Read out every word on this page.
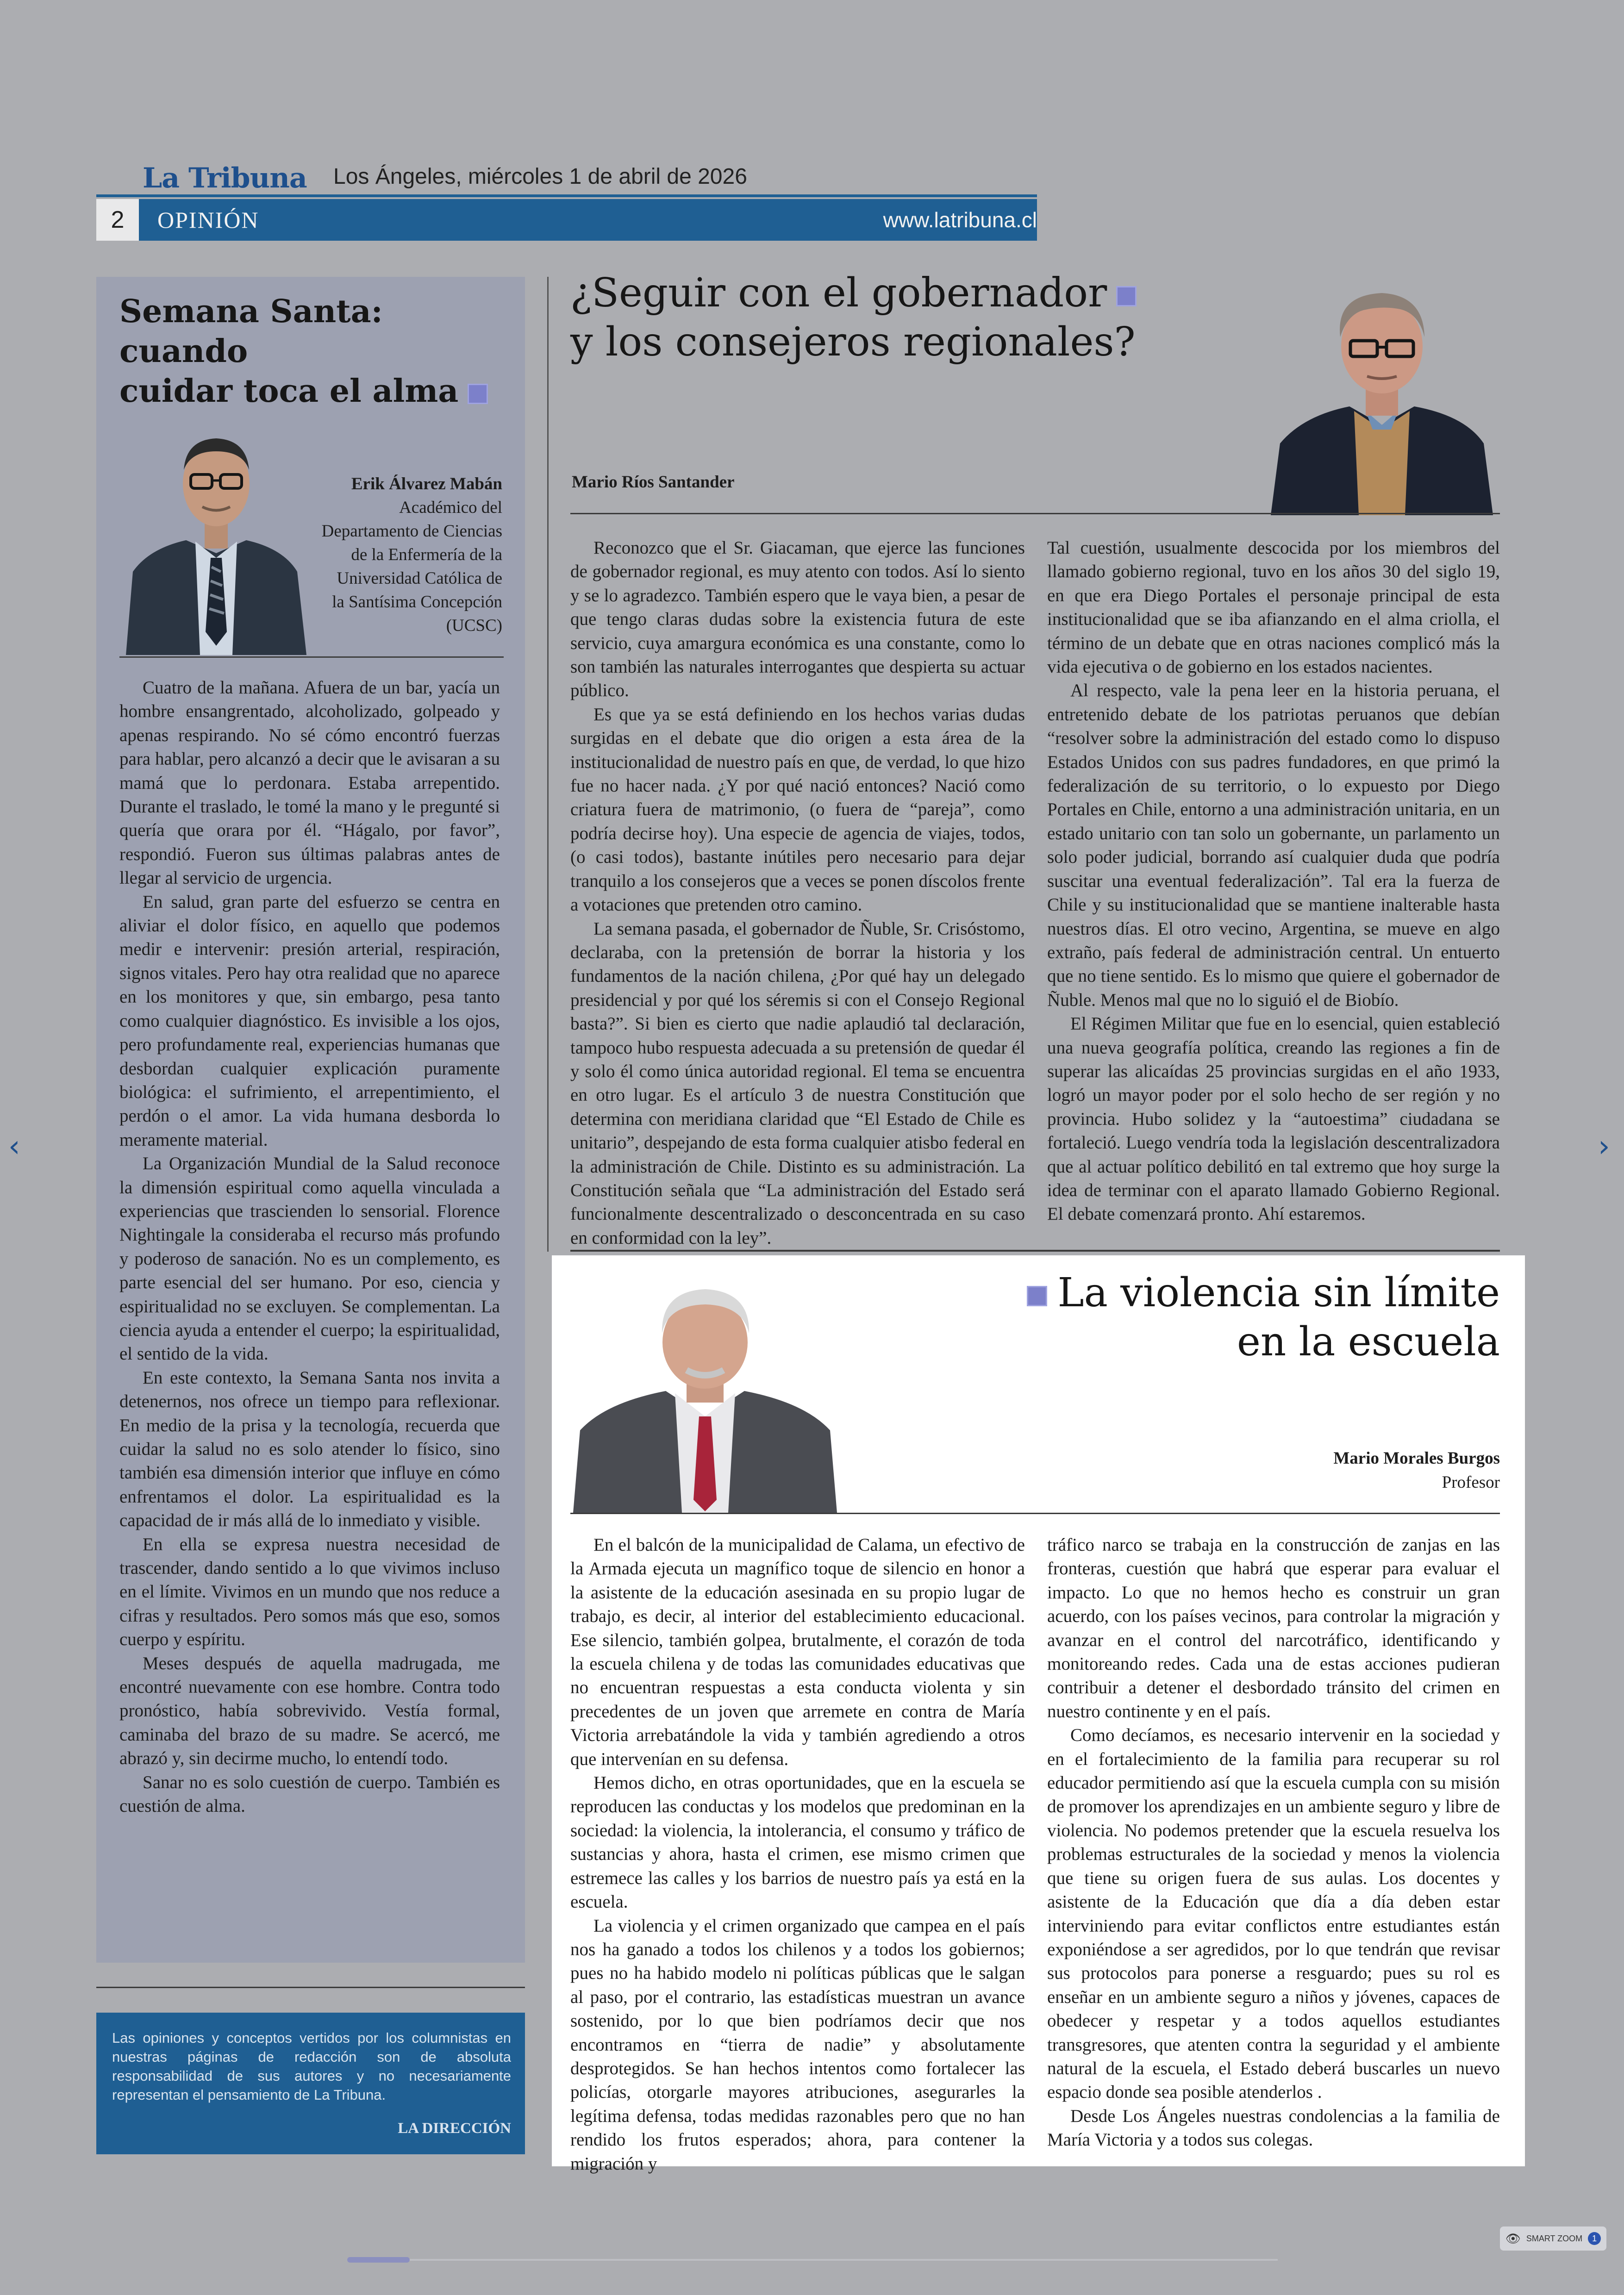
La Tribuna Los Ángeles, miércoles 1 de abril de 2026
2	OPINIÓN	www.latribuna.cl
Semana Santa: cuando
cuidar toca el alma
Erik Álvarez Mabán
Académico del
Departamento de Ciencias
de la Enfermería de la
Universidad Católica de
la Santísima Concepción
(UCSC)

Cuatro de la mañana. Afuera de un bar, yacía un hombre ensangrentado, alcoholizado, golpeado y apenas respirando. No sé cómo encontró fuerzas para hablar, pero alcanzó a decir que le avisaran a su mamá que lo perdonara. Estaba arrepentido. Durante el traslado, le tomé la mano y le pregunté si quería que orara por él. “Hágalo, por favor”, respondió. Fueron sus últimas palabras antes de llegar al servicio de urgencia.

En salud, gran parte del esfuerzo se centra en aliviar el dolor físico, en aquello que podemos medir e intervenir: presión arterial, respiración, signos vitales. Pero hay otra realidad que no aparece en los monitores y que, sin embargo, pesa tanto como cualquier diagnóstico. Es invisible a los ojos, pero profundamente real, experiencias humanas que desbordan cualquier explicación puramente biológica: el sufrimiento, el arrepentimiento, el perdón o el amor. La vida humana desborda lo meramente material.

La Organización Mundial de la Salud reconoce la dimensión espiritual como aquella vinculada a experiencias que trascienden lo sensorial. Florence Nightingale la consideraba el recurso más profundo y poderoso de sanación. No es un complemento, es parte esencial del ser humano. Por eso, ciencia y espiritualidad no se excluyen. Se complementan. La ciencia ayuda a entender el cuerpo; la espiritualidad, el sentido de la vida.

En este contexto, la Semana Santa nos invita a detenernos, nos ofrece un tiempo para reflexionar. En medio de la prisa y la tecnología, recuerda que cuidar la salud no es solo atender lo físico, sino también esa dimensión interior que influye en cómo enfrentamos el dolor. La espiritualidad es la capacidad de ir más allá de lo inmediato y visible.

En ella se expresa nuestra necesidad de trascender, dando sentido a lo que vivimos incluso en el límite. Vivimos en un mundo que nos reduce a cifras y resultados. Pero somos más que eso, somos cuerpo y espíritu.

Meses después de aquella madrugada, me encontré nuevamente con ese hombre. Contra todo pronóstico, había sobrevivido. Vestía formal, caminaba del brazo de su madre. Se acercó, me abrazó y, sin decirme mucho, lo entendí todo.

Sanar no es solo cuestión de cuerpo. También es cuestión de alma.

¿Seguir con el gobernador
y los consejeros regionales?
Mario Ríos Santander

Reconozco que el Sr. Giacaman, que ejerce las funciones de gobernador regional, es muy atento con todos. Así lo siento y se lo agradezco. También espero que le vaya bien, a pesar de que tengo claras dudas sobre la existencia futura de este servicio, cuya amargura económica es una constante, como lo son también las naturales interrogantes que despierta su actuar público.

Es que ya se está definiendo en los hechos varias dudas surgidas en el debate que dio origen a esta área de la institucionalidad de nuestro país en que, de verdad, lo que hizo fue no hacer nada. ¿Y por qué nació entonces? Nació como criatura fuera de matrimonio, (o fuera de “pareja”, como podría decirse hoy). Una especie de agencia de viajes, todos, (o casi todos), bastante inútiles pero necesario para dejar tranquilo a los consejeros que a veces se ponen díscolos frente a votaciones que pretenden otro camino.

La semana pasada, el gobernador de Ñuble, Sr. Crisóstomo, declaraba, con la pretensión de borrar la historia y los fundamentos de la nación chilena, ¿Por qué hay un delegado presidencial y por qué los séremis si con el Consejo Regional basta?”. Si bien es cierto que nadie aplaudió tal declaración, tampoco hubo respuesta adecuada a su pretensión de quedar él y solo él como única autoridad regional. El tema se encuentra en otro lugar. Es el artículo 3 de nuestra Constitución que determina con meridiana claridad que “El Estado de Chile es unitario”, despejando de esta forma cualquier atisbo federal en la administración de Chile. Distinto es su administración. La Constitución señala que “La administración del Estado será funcionalmente descentralizado o desconcentrada en su caso en conformidad con la ley”.

Tal cuestión, usualmente descocida por los miembros del llamado gobierno regional, tuvo en los años 30 del siglo 19, en que era Diego Portales el personaje principal de esta institucionalidad que se iba afianzando en el alma criolla, el término de un debate que en otras naciones complicó más la vida ejecutiva o de gobierno en los estados nacientes.

Al respecto, vale la pena leer en la historia peruana, el entretenido debate de los patriotas peruanos que debían “resolver sobre la administración del estado como lo dispuso Estados Unidos con sus padres fundadores, en que primó la federalización de su territorio, o lo expuesto por Diego Portales en Chile, entorno a una administración unitaria, en un estado unitario con tan solo un gobernante, un parlamento un solo poder judicial, borrando así cualquier duda que podría suscitar una eventual federalización”. Tal era la fuerza de Chile y su institucionalidad que se mantiene inalterable hasta nuestros días. El otro vecino, Argentina, se mueve en algo extraño, país federal de administración central. Un entuerto que no tiene sentido. Es lo mismo que quiere el gobernador de Ñuble. Menos mal que no lo siguió el de Biobío.

El Régimen Militar que fue en lo esencial, quien estableció una nueva geografía política, creando las regiones a fin de superar las alicaídas 25 provincias surgidas en el año 1933, logró un mayor poder por el solo hecho de ser región y no provincia. Hubo solidez y la “autoestima” ciudadana se fortaleció. Luego vendría toda la legislación descentralizadora que al actuar político debilitó en tal extremo que hoy surge la idea de terminar con el aparato llamado Gobierno Regional. El debate comenzará pronto. Ahí estaremos.

La violencia sin límite
en la escuela
Mario Morales Burgos
Profesor

En el balcón de la municipalidad de Calama, un efectivo de la Armada ejecuta un magnífico toque de silencio en honor a la asistente de la educación asesinada en su propio lugar de trabajo, es decir, al interior del establecimiento educacional. Ese silencio, también golpea, brutalmente, el corazón de toda la escuela chilena y de todas las comunidades educativas que no encuentran respuestas a esta conducta violenta y sin precedentes de un joven que arremete en contra de María Victoria arrebatándole la vida y también agrediendo a otros que intervenían en su defensa.

Hemos dicho, en otras oportunidades, que en la escuela se reproducen las conductas y los modelos que predominan en la sociedad: la violencia, la intolerancia, el consumo y tráfico de sustancias y ahora, hasta el crimen, ese mismo crimen que estremece las calles y los barrios de nuestro país ya está en la escuela.

La violencia y el crimen organizado que campea en el país nos ha ganado a todos los chilenos y a todos los gobiernos; pues no ha habido modelo ni políticas públicas que le salgan al paso, por el contrario, las estadísticas muestran un avance sostenido, por lo que bien podríamos decir que nos encontramos en “tierra de nadie” y absolutamente desprotegidos. Se han hechos intentos como fortalecer las policías, otorgarle mayores atribuciones, asegurarles la legítima defensa, todas medidas razonables pero que no han rendido los frutos esperados; ahora, para contener la migración y

tráfico narco se trabaja en la construcción de zanjas en las fronteras, cuestión que habrá que esperar para evaluar el impacto. Lo que no hemos hecho es construir un gran acuerdo, con los países vecinos, para controlar la migración y avanzar en el control del narcotráfico, identificando y monitoreando redes. Cada una de estas acciones pudieran contribuir a detener el desbordado tránsito del crimen en nuestro continente y en el país.

Como decíamos, es necesario intervenir en la sociedad y en el fortalecimiento de la familia para recuperar su rol educador permitiendo así que la escuela cumpla con su misión de promover los aprendizajes en un ambiente seguro y libre de violencia. No podemos pretender que la escuela resuelva los problemas estructurales de la sociedad y menos la violencia que tiene su origen fuera de sus aulas. Los docentes y asistente de la Educación que día a día deben estar interviniendo para evitar conflictos entre estudiantes están exponiéndose a ser agredidos, por lo que tendrán que revisar sus protocolos para ponerse a resguardo; pues su rol es enseñar en un ambiente seguro a niños y jóvenes, capaces de obedecer y respetar y a todos aquellos estudiantes transgresores, que atenten contra la seguridad y el ambiente natural de la escuela, el Estado deberá buscarles un nuevo espacio donde sea posible atenderlos .

Desde Los Ángeles nuestras condolencias a la familia de María Victoria y a todos sus colegas.

Las opiniones y conceptos vertidos por los columnistas en nuestras páginas de redacción son de absoluta responsabilidad de sus autores y no necesariamente representan el pensamiento de La Tribuna.
LA DIRECCIÓN
‹	›
👁 SMART ZOOM	1
